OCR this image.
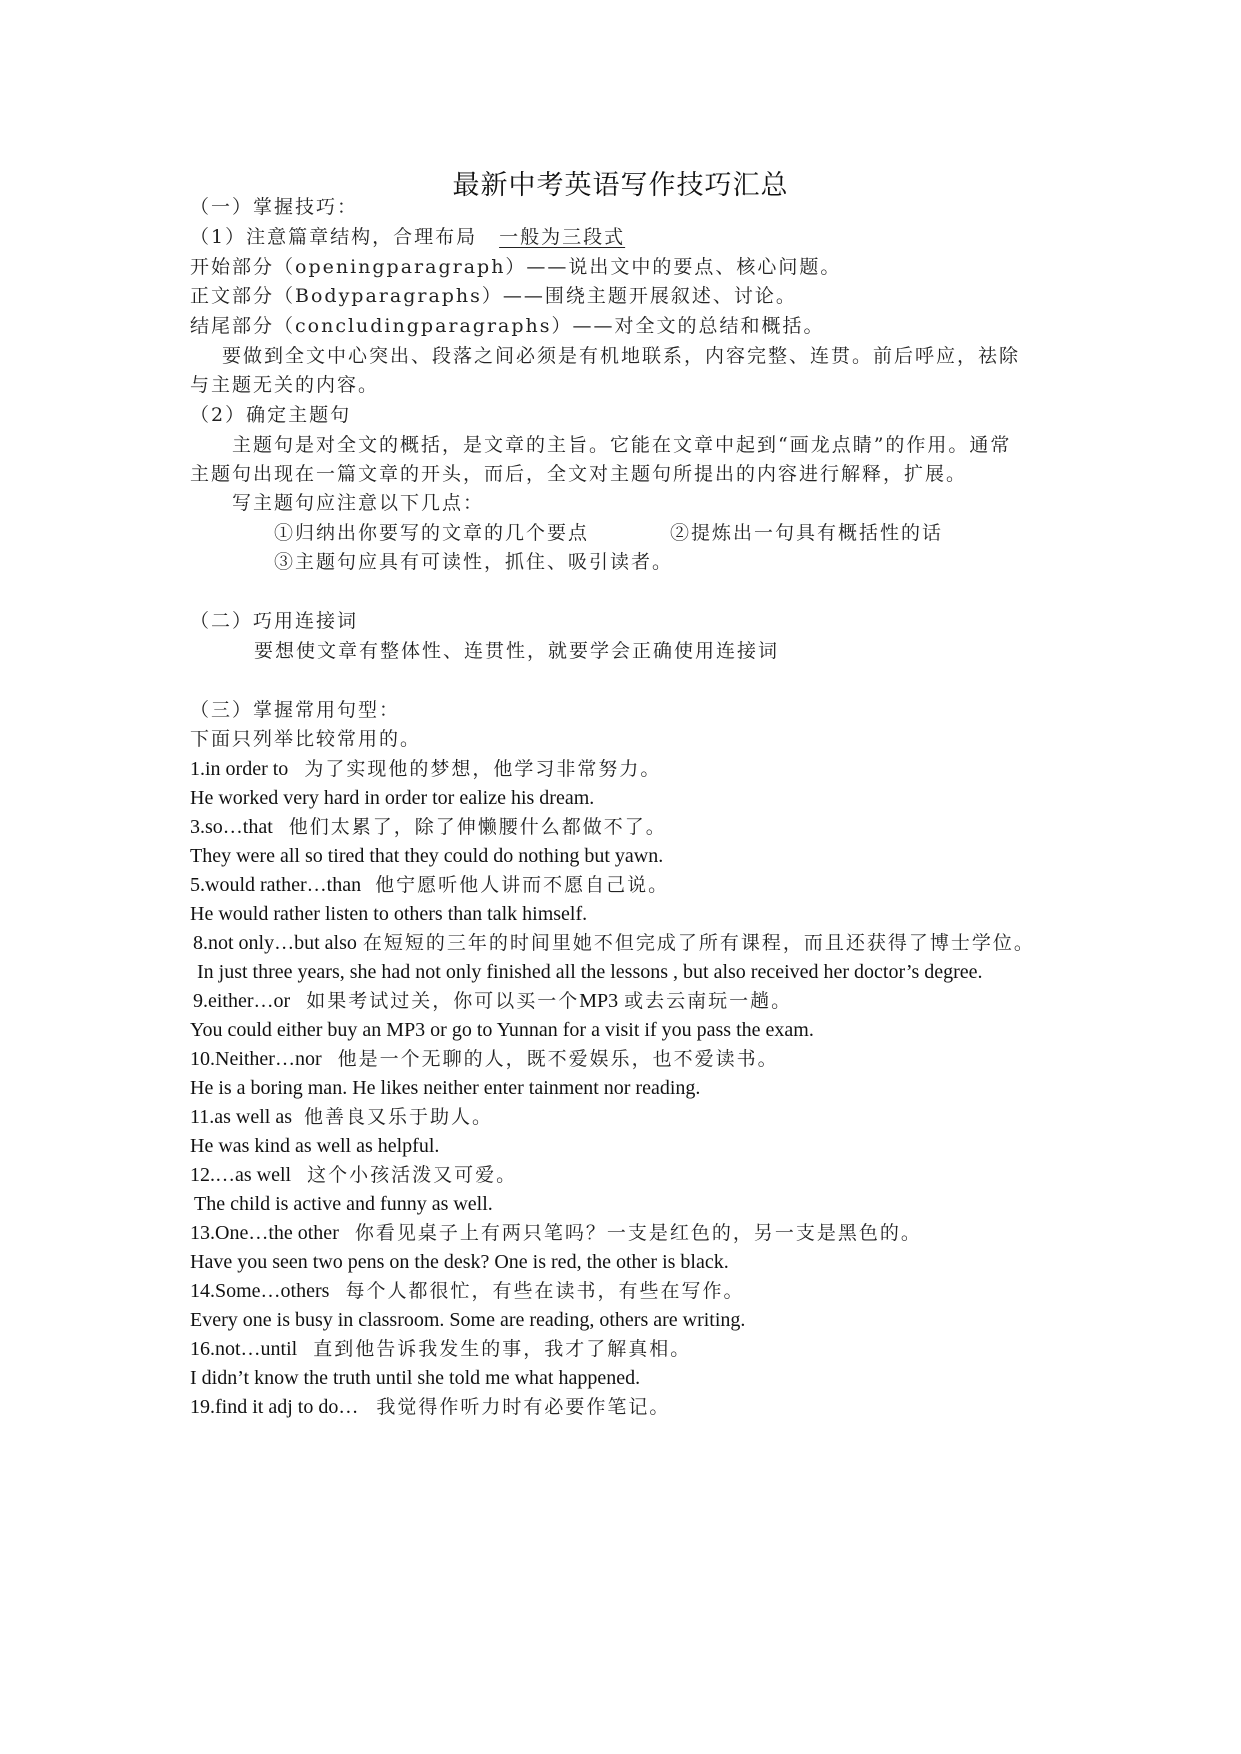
最新中考英语写作技巧汇总
（一）掌握技巧：
（1）注意篇章结构，合理布局 一般为三段式
开始部分（openingparagraph）——说出文中的要点、核心问题。
正文部分（Bodyparagraphs）——围绕主题开展叙述、讨论。
结尾部分（concludingparagraphs）——对全文的总结和概括。
要做到全文中心突出、段落之间必须是有机地联系，内容完整、连贯。前后呼应，祛除
与主题无关的内容。
（2）确定主题句
主题句是对全文的概括，是文章的主旨。它能在文章中起到“画龙点睛”的作用。通常
主题句出现在一篇文章的开头，而后，全文对主题句所提出的内容进行解释，扩展。
写主题句应注意以下几点：
①归纳出你要写的文章的几个要点	②提炼出一句具有概括性的话
③主题句应具有可读性，抓住、吸引读者。
（二）巧用连接词
要想使文章有整体性、连贯性，就要学会正确使用连接词
（三）掌握常用句型：
下面只列举比较常用的。
1.in order to 为了实现他的梦想，他学习非常努力。
He worked very hard in order tor ealize his dream.
3.so…that 他们太累了，除了伸懒腰什么都做不了。
They were all so tired that they could do nothing but yawn.
5.would rather…than 他宁愿听他人讲而不愿自己说。
He would rather listen to others than talk himself.
8.not only…but also 在短短的三年的时间里她不但完成了所有课程，而且还获得了博士学位。
In just three years, she had not only finished all the lessons , but also received her doctor’s degree.
9.either…or 如果考试过关，你可以买一个MP3 或去云南玩一趟。
You could either buy an MP3 or go to Yunnan for a visit if you pass the exam.
10.Neither…nor 他是一个无聊的人，既不爱娱乐，也不爱读书。
He is a boring man. He likes neither enter tainment nor reading.
11.as well as 他善良又乐于助人。
He was kind as well as helpful.
12.…as well 这个小孩活泼又可爱。
The child is active and funny as well.
13.One…the other 你看见桌子上有两只笔吗？一支是红色的，另一支是黑色的。
Have you seen two pens on the desk? One is red, the other is black.
14.Some…others 每个人都很忙，有些在读书，有些在写作。
Every one is busy in classroom. Some are reading, others are writing.
16.not…until 直到他告诉我发生的事，我才了解真相。
I didn’t know the truth until she told me what happened.
19.find it adj to do… 我觉得作听力时有必要作笔记。
